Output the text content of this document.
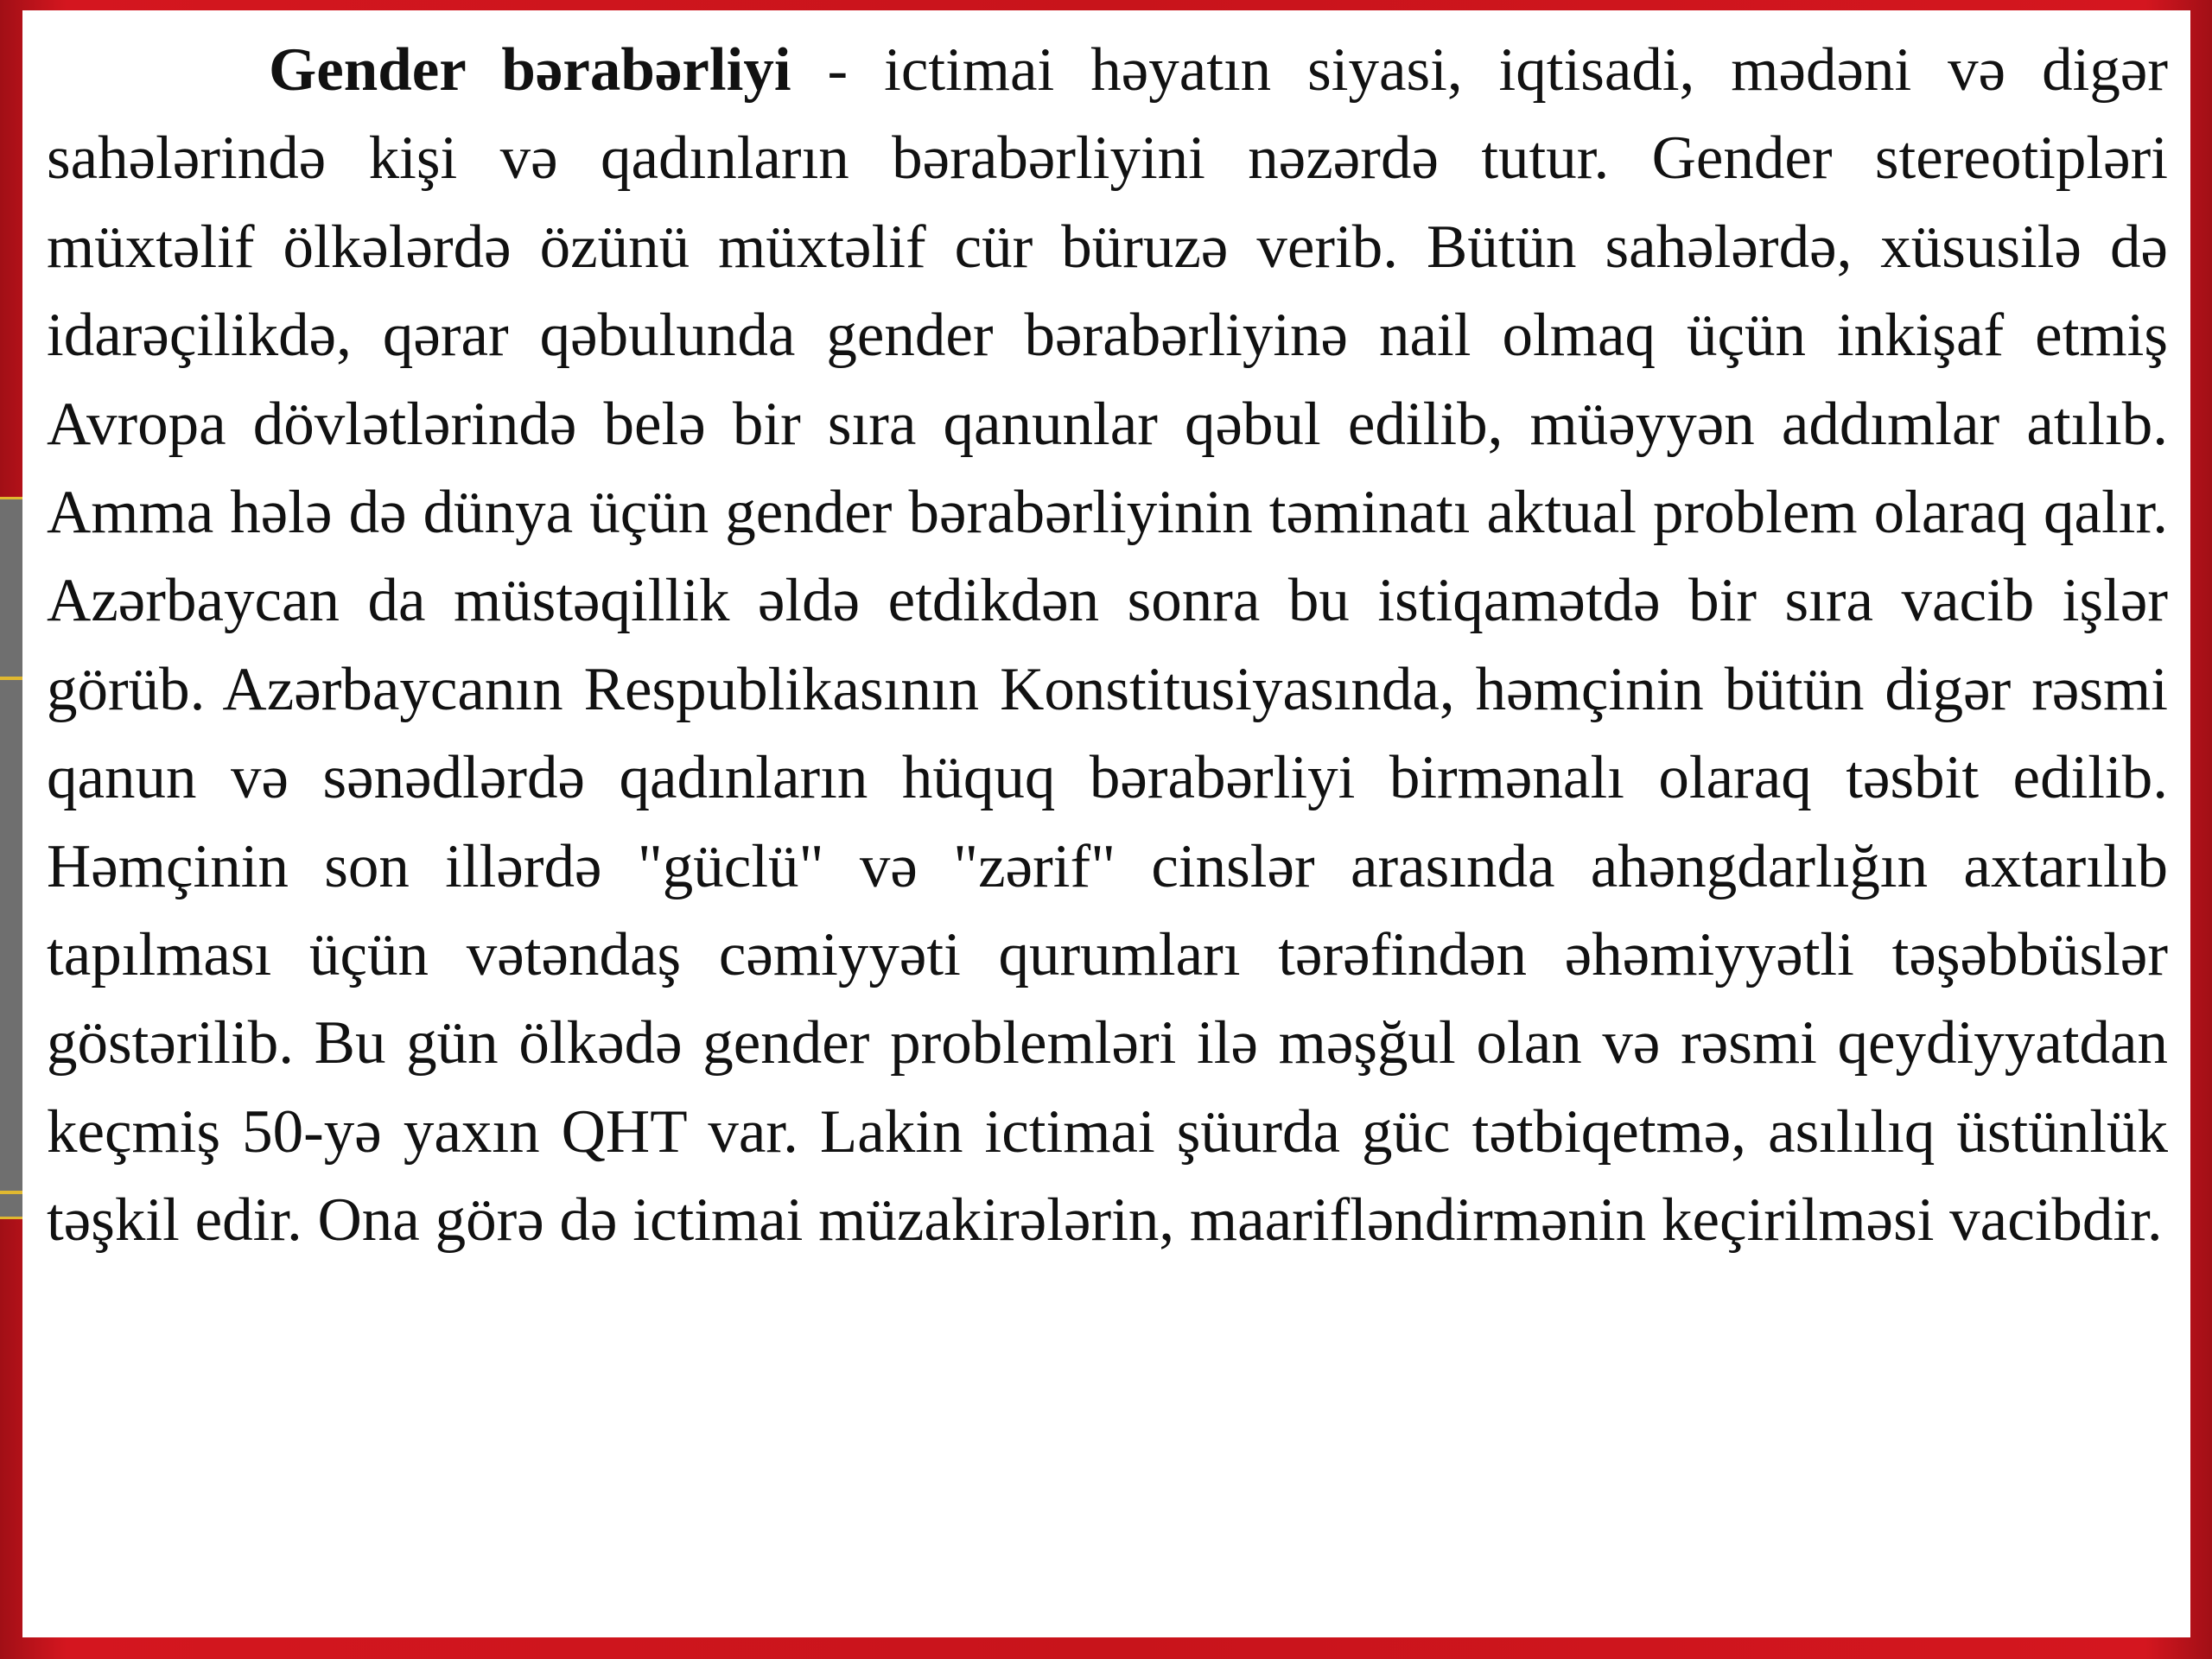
Gender bərabərliyi - ictimai həyatın siyasi, iqtisadi, mədəni və digər sahələrində kişi və qadınların bərabərliyini nəzərdə tutur. Gender stereotipləri müxtəlif ölkələrdə özünü müxtəlif cür büruzə verib. Bütün sahələrdə, xüsusilə də idarəçilikdə, qərar qəbulunda gender bərabərliyinə nail olmaq üçün inkişaf etmiş Avropa dövlətlərində belə bir sıra qanunlar qəbul edilib, müəyyən addımlar atılıb. Amma hələ də dünya üçün gender bərabərliyinin təminatı aktual problem olaraq qalır. Azərbaycan da müstəqillik əldə etdikdən sonra bu istiqamətdə bir sıra vacib işlər görüb. Azərbaycanın Respublikasının Konstitusiyasında, həmçinin bütün digər rəsmi qanun və sənədlərdə qadınların hüquq bərabərliyi birmənalı olaraq təsbit edilib. Həmçinin son illərdə "güclü" və "zərif" cinslər arasında ahəngdarlığın axtarılıb tapılması üçün vətəndaş cəmiyyəti qurumları tərəfindən əhəmiyyətli təşəbbüslər göstərilib. Bu gün ölkədə gender problemləri ilə məşğul olan və rəsmi qeydiyyatdan keçmiş 50-yə yaxın QHT var. Lakin ictimai şüurda güc tətbiqetmə, asılılıq üstünlük təşkil edir. Ona görə də ictimai müzakirələrin, maarifləndirmənin keçirilməsi vacibdir.
